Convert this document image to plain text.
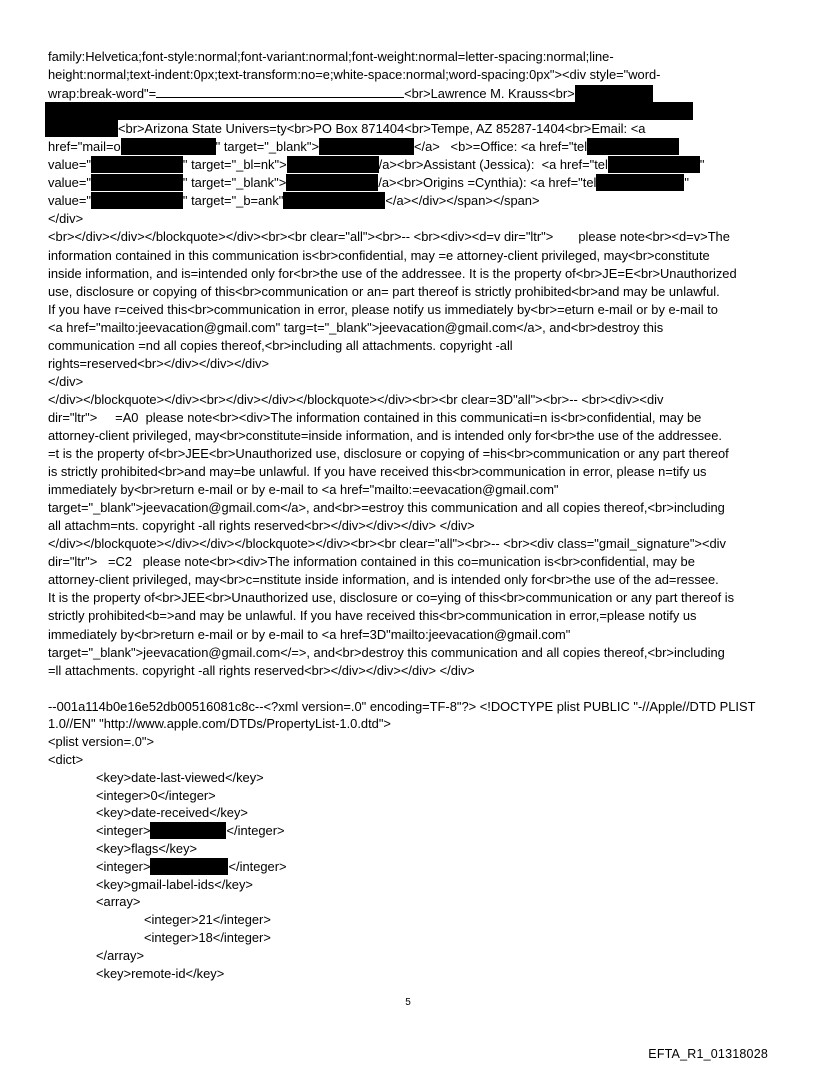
family:Helvetica;font-style:normal;font-variant:normal;font-weight:normal=letter-spacing:normal;line-
height:normal;text-indent:0px;text-transform:no=e;white-space:normal;word-spacing:0px"><div style="word-
wrap:break-word"=	<br>Lawrence M. Krauss<br>
<br>Arizona State Univers=ty<br>PO Box 871404<br>Tempe, AZ 85287-1404<br>Email: <a
href="mail=o	" target="_blank">	</a>   <b>=Office: <a href="tel
value="	" target="_bl=nk">	/a><br>Assistant (Jessica):  <a href="tel	"
value="	" target="_blank">	/a><br>Origins =Cynthia): <a href="tel	"
value="	" target="_b=ank"	</a></div></span></span>
</div>
<br></div></div></blockquote></div><br><br clear="all"><br>-- <br><div><d=v dir="ltr">       please note<br><d=v>The
information contained in this communication is<br>confidential, may =e attorney-client privileged, may<br>constitute
inside information, and is=intended only for<br>the use of the addressee. It is the property of<br>JE=E<br>Unauthorized
use, disclosure or copying of this<br>communication or an= part thereof is strictly prohibited<br>and may be unlawful.
If you have r=ceived this<br>communication in error, please notify us immediately by<br>=eturn e-mail or by e-mail to
<a href="mailto:jeevacation@gmail.com" targ=t="_blank">jeevacation@gmail.com</a>, and<br>destroy this
communication =nd all copies thereof,<br>including all attachments. copyright -all
rights=reserved<br></div></div></div>
</div>
</div></blockquote></div><br></div></div></blockquote></div><br><br clear=3D"all"><br>-- <br><div><div
dir="ltr">     =A0  please note<br><div>The information contained in this communicati=n is<br>confidential, may be
attorney-client privileged, may<br>constitute=inside information, and is intended only for<br>the use of the addressee.
=t is the property of<br>JEE<br>Unauthorized use, disclosure or copying of =his<br>communication or any part thereof
is strictly prohibited<br>and may=be unlawful. If you have received this<br>communication in error, please n=tify us
immediately by<br>return e-mail or by e-mail to <a href="mailto:=eevacation@gmail.com"
target="_blank">jeevacation@gmail.com</a>, and<br>=estroy this communication and all copies thereof,<br>including
all attachm=nts. copyright -all rights reserved<br></div></div></div> </div>
</div></blockquote></div></div></blockquote></div><br><br clear="all"><br>-- <br><div class="gmail_signature"><div
dir="ltr">   =C2   please note<br><div>The information contained in this co=munication is<br>confidential, may be
attorney-client privileged, may<br>c=nstitute inside information, and is intended only for<br>the use of the ad=ressee.
It is the property of<br>JEE<br>Unauthorized use, disclosure or co=ying of this<br>communication or any part thereof is
strictly prohibited<b=>and may be unlawful. If you have received this<br>communication in error,=please notify us
immediately by<br>return e-mail or by e-mail to <a href=3D"mailto:jeevacation@gmail.com"
target="_blank">jeevacation@gmail.com</=>, and<br>destroy this communication and all copies thereof,<br>including
=ll attachments. copyright -all rights reserved<br></div></div></div> </div>
--001a114b0e16e52db00516081c8c--<?xml version=.0" encoding=TF-8"?> <!DOCTYPE plist PUBLIC "-//Apple//DTD PLIST
1.0//EN" "http://www.apple.com/DTDs/PropertyList-1.0.dtd">
<plist version=.0">
<dict>
<key>date-last-viewed</key>
<integer>0</integer>
<key>date-received</key>
<integer>	</integer>
<key>flags</key>
<integer>	</integer>
<key>gmail-label-ids</key>
<array>
<integer>21</integer>
<integer>18</integer>
</array>
<key>remote-id</key>
5
EFTA_R1_01318028
